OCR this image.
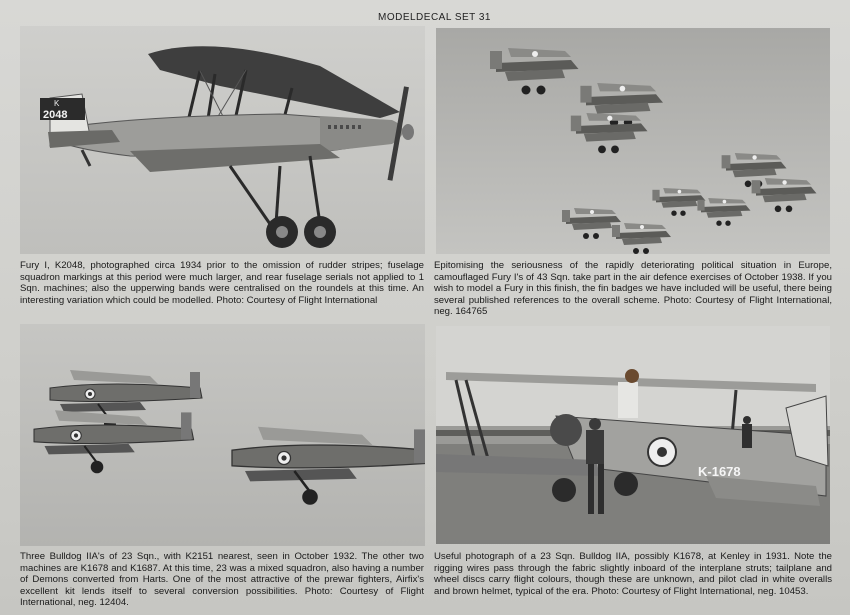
MODELDECAL SET 31
K
2048

Fury I, K2048, photographed circa 1934 prior to the omission of rudder stripes; fuselage squadron markings at this period were much larger, and rear fuselage serials not applied to 1 Sqn. machines; also the upperwing bands were centralised on the roundels at this time. An interesting variation which could be modelled. Photo: Courtesy of Flight International

Epitomising the seriousness of the rapidly deteriorating political situation in Europe, camouflaged Fury I's of 43 Sqn. take part in the air defence exercises of October 1938. If you wish to model a Fury in this finish, the fin badges we have included will be useful, there being several published references to the overall scheme. Photo: Courtesy of Flight International, neg. 164765

K-1678

Three Bulldog IIA's of 23 Sqn., with K2151 nearest, seen in October 1932. The other two machines are K1678 and K1687. At this time, 23 was a mixed squadron, also having a number of Demons converted from Harts. One of the most attractive of the prewar fighters, Airfix's excellent kit lends itself to several conversion possibilities. Photo: Courtesy of Flight International, neg. 12404.

Useful photograph of a 23 Sqn. Bulldog IIA, possibly K1678, at Kenley in 1931. Note the rigging wires pass through the fabric slightly inboard of the interplane struts; tailplane and wheel discs carry flight colours, though these are unknown, and pilot clad in white overalls and brown helmet, typical of the era. Photo: Courtesy of Flight International, neg. 10453.
